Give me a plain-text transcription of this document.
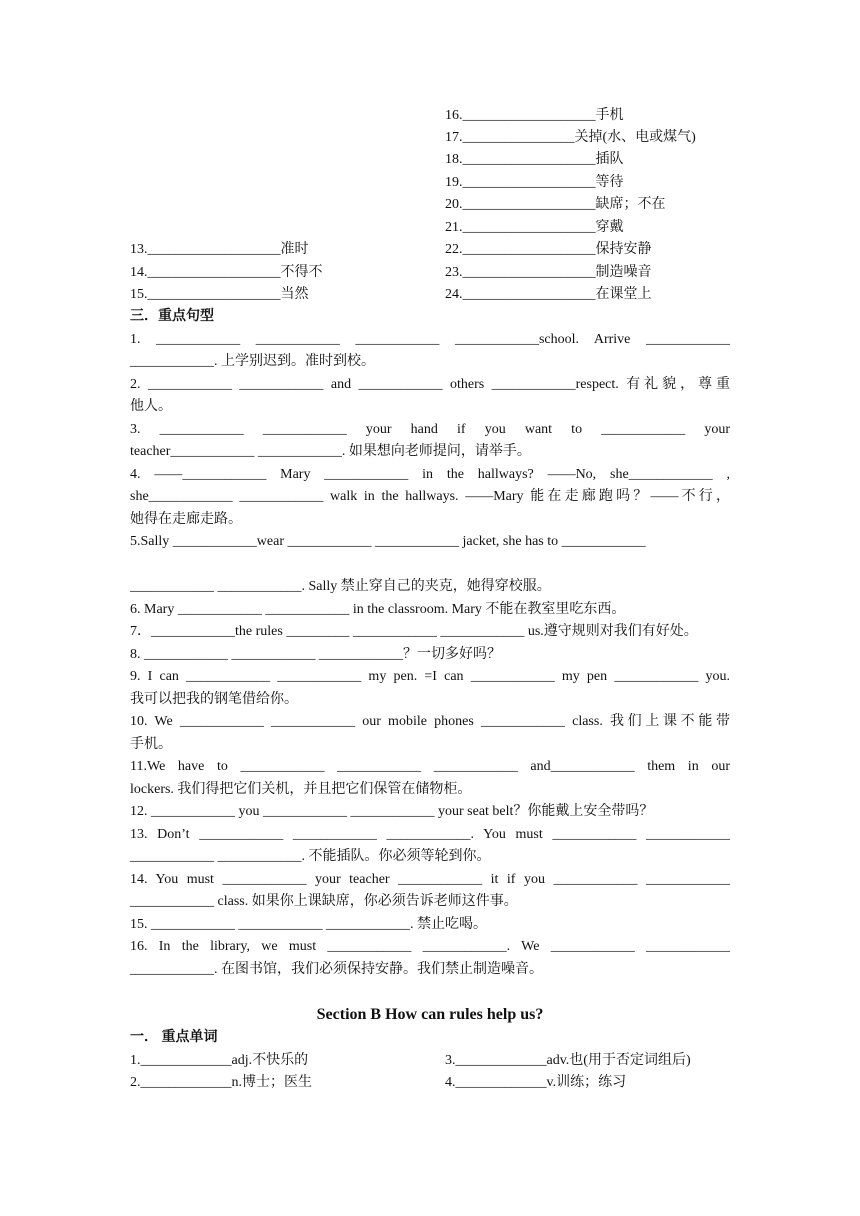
16.___________________手机
17.________________关掉(水、电或煤气)
18.___________________插队
19.___________________等待
20.___________________缺席；不在
21.___________________穿戴
22.___________________保持安静
23.___________________制造噪音
24.___________________在课堂上
13.___________________准时
14.___________________不得不
15.___________________当然
三．重点句型
1. ____________ ____________ ____________ ____________school. Arrive ____________
____________. 上学别迟到。准时到校。
2. ____________ ____________ and ____________ others ____________respect. 有礼貌，尊重
他人。
3. ____________ ____________ your hand if you want to ____________ your
teacher____________ ____________. 如果想向老师提问，请举手。
4. ——____________ Mary ____________ in the hallways? ——No, she____________ ,
she____________ ____________ walk in the hallways. ——Mary 能在走廊跑吗？——不行，
她得在走廊走路。
5.Sally ____________wear ____________ ____________ jacket, she has to ____________
____________ ____________. Sally 禁止穿自己的夹克，她得穿校服。
6. Mary ____________ ____________ in the classroom. Mary 不能在教室里吃东西。
7．____________the rules _________ ____________ ____________ us.遵守规则对我们有好处。
8. ____________ ____________ ____________？一切多好吗？
9. I can ____________ ____________ my pen. =I can ____________ my pen ____________ you.
我可以把我的钢笔借给你。
10. We ____________ ____________ our mobile phones ____________ class. 我们上课不能带
手机。
11.We have to ____________ ____________ ____________ and____________ them in our
lockers. 我们得把它们关机，并且把它们保管在储物柜。
12. ____________ you ____________ ____________ your seat belt？你能戴上安全带吗？
13. Don’t ____________ ____________ ____________. You must ____________ ____________
____________ ____________. 不能插队。你必须等轮到你。
14. You must ____________ your teacher ____________ it if you ____________ ____________
____________ class. 如果你上课缺席，你必须告诉老师这件事。
15. ____________ ____________ ____________. 禁止吃喝。
16. In the library, we must ____________ ____________. We ____________ ____________
____________. 在图书馆，我们必须保持安静。我们禁止制造噪音。
Section B How can rules help us?
一． 重点单词
1._____________adj.不快乐的
2._____________n.博士；医生
3._____________adv.也(用于否定词组后)
4._____________v.训练；练习
